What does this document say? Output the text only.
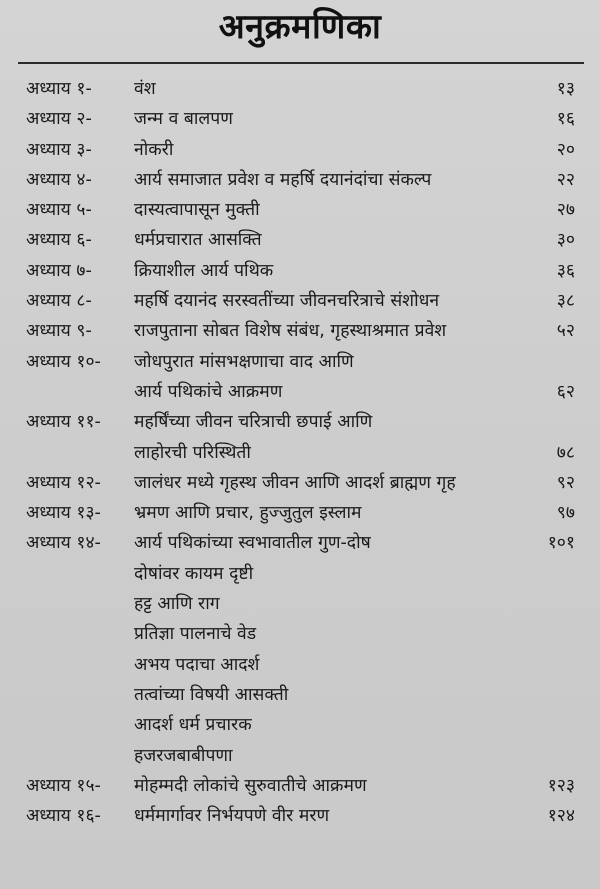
अनुक्रमणिका
अध्याय १- वंश	१३
अध्याय २- जन्म व बालपण	१६
अध्याय ३- नोकरी	२०
अध्याय ४- आर्य समाजात प्रवेश व महर्षि दयानंदांचा संकल्प	२२
अध्याय ५- दास्यत्वापासून मुक्ती	२७
अध्याय ६- धर्मप्रचारात आसक्ति	३०
अध्याय ७- क्रियाशील आर्य पथिक	३६
अध्याय ८- महर्षि दयानंद सरस्वतींच्या जीवनचरित्राचे संशोधन	३८
अध्याय ९- राजपुताना सोबत विशेष संबंध, गृहस्थाश्रमात प्रवेश	५२
अध्याय १०- जोधपुरात मांसभक्षणाचा वाद आणि
आर्य पथिकांचे आक्रमण	६२
अध्याय ११- महर्षिंच्या जीवन चरित्राची छपाई आणि
लाहोरची परिस्थिती	७८
अध्याय १२- जालंधर मध्ये गृहस्थ जीवन आणि आदर्श ब्राह्मण गृह	९२
अध्याय १३- भ्रमण आणि प्रचार, हुज्जुतुल इस्लाम	९७
अध्याय १४- आर्य पथिकांच्या स्वभावातील गुण-दोष	१०१
दोषांवर कायम दृष्टी
हट्ट आणि राग
प्रतिज्ञा पालनाचे वेड
अभय पदाचा आदर्श
तत्वांच्या विषयी आसक्ती
आदर्श धर्म प्रचारक
हजरजबाबीपणा
अध्याय १५- मोहम्मदी लोकांचे सुरुवातीचे आक्रमण	१२३
अध्याय १६- धर्ममार्गावर निर्भयपणे वीर मरण	१२४
